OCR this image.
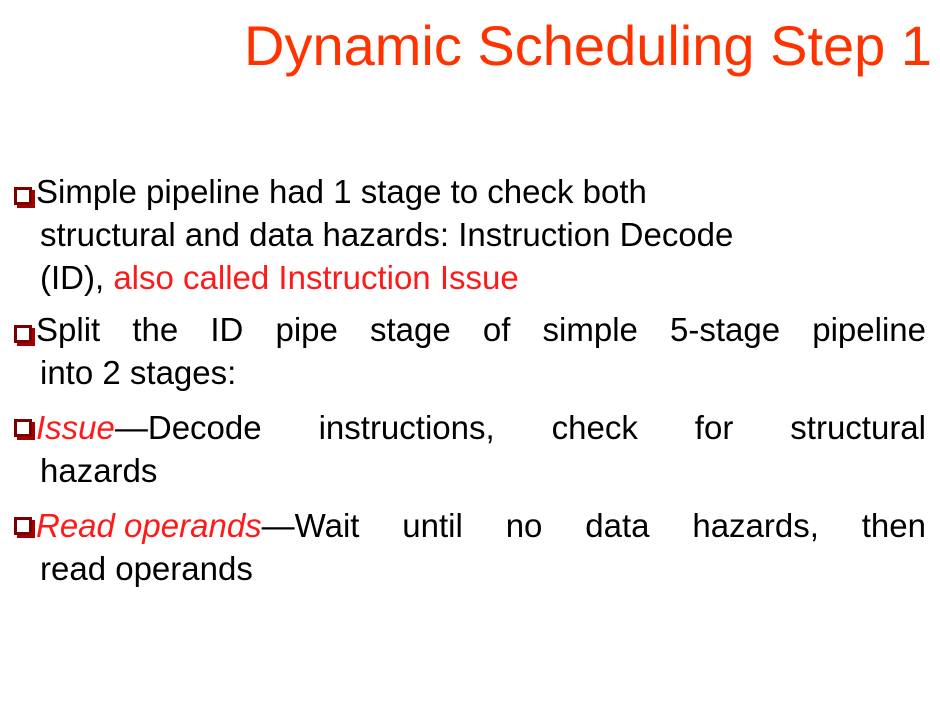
Dynamic Scheduling Step 1
Simple pipeline had 1 stage to check both
structural and data hazards: Instruction Decode
(ID), also called Instruction Issue
Split the ID pipe stage of simple 5-stage pipeline
into 2 stages:
Issue —Decode instructions, check for structural
hazards
Read operands —Wait until no data hazards, then
read operands
